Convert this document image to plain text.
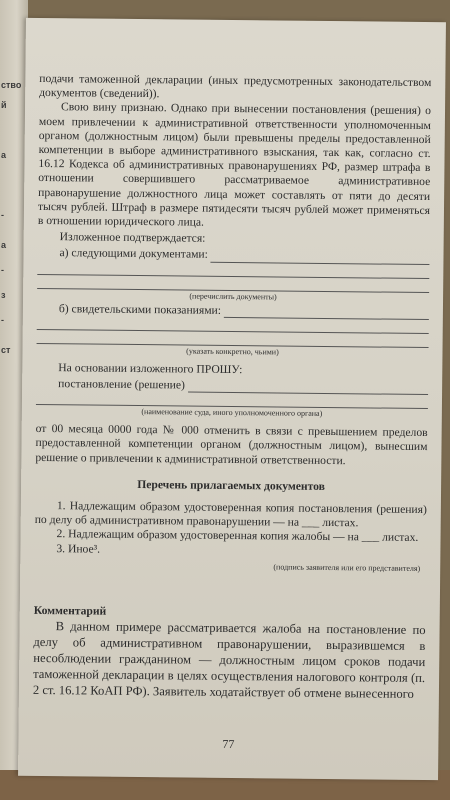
ство
й
а
-
а
-
з
-
ст

подачи таможенной декларации (иных предусмотренных законодательством документов (сведений)).

Свою вину признаю. Однако при вынесении постановления (решения) о моем привлечении к административной ответственности уполномоченным органом (должностным лицом) были превышены пределы предоставленной компетенции в выборе административного взыскания, так как, согласно ст. 16.12 Кодекса об административных правонарушениях РФ, размер штрафа в отношении совершившего рассматриваемое административное правонарушение должностного лица может составлять от пяти до десяти тысяч рублей. Штраф в размере пятидесяти тысяч рублей может применяться в отношении юридического лица.

Изложенное подтверждается:

а) следующими документами:
(перечислить документы)
б) свидетельскими показаниями:
(указать конкретно, чьими)

На основании изложенного ПРОШУ:

постановление (решение)
(наименование суда, иного уполномоченного органа)

от 00 месяца 0000 года № 000 отменить в связи с превышением пределов предоставленной компетенции органом (должностным лицом), вынесшим решение о привлечении к административной ответственности.

Перечень прилагаемых документов

1. Надлежащим образом удостоверенная копия постановления (решения) по делу об административном правонарушении — на ___ листах.

2. Надлежащим образом удостоверенная копия жалобы — на ___ листах.

3. Иное³.

(подпись заявителя или его представителя)
Комментарий

В данном примере рассматривается жалоба на постановление по делу об административном правонарушении, выразившемся в несоблюдении гражданином — должностным лицом сроков подачи таможенной декларации в целях осуществления налогового контроля (п. 2 ст. 16.12 КоАП РФ). Заявитель ходатайствует об отмене вынесенного

77
